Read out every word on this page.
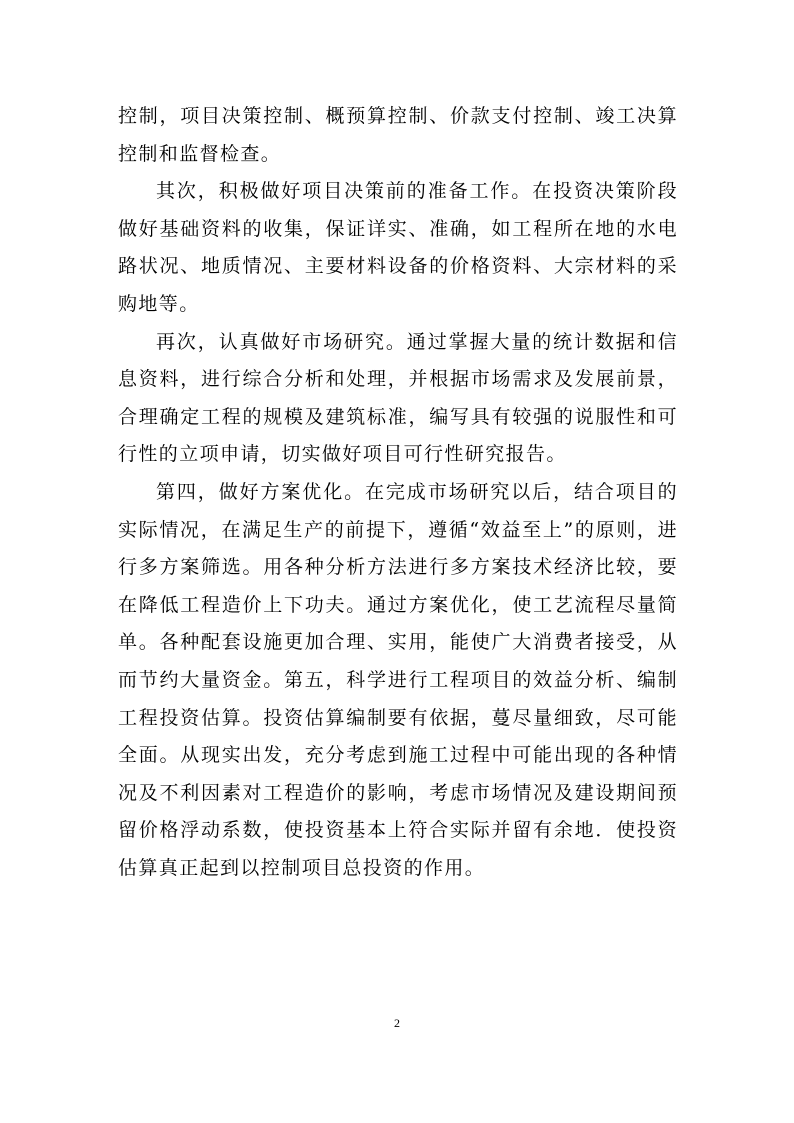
控制，项目决策控制、概预算控制、价款支付控制、竣工决算控制和监督检查。

其次，积极做好项目决策前的准备工作。在投资决策阶段做好基础资料的收集，保证详实、准确，如工程所在地的水电路状况、地质情况、主要材料设备的价格资料、大宗材料的采购地等。

再次，认真做好市场研究。通过掌握大量的统计数据和信息资料，进行综合分析和处理，并根据市场需求及发展前景，合理确定工程的规模及建筑标准，编写具有较强的说服性和可行性的立项申请，切实做好项目可行性研究报告。

第四，做好方案优化。在完成市场研究以后，结合项目的实际情况，在满足生产的前提下，遵循“效益至上”的原则，进行多方案筛选。用各种分析方法进行多方案技术经济比较，要在降低工程造价上下功夫。通过方案优化，使工艺流程尽量简单。各种配套设施更加合理、实用，能使广大消费者接受，从而节约大量资金。第五，科学进行工程项目的效益分析、编制工程投资估算。投资估算编制要有依据，蔓尽量细致，尽可能全面。从现实出发，充分考虑到施工过程中可能出现的各种情况及不利因素对工程造价的影响，考虑市场情况及建设期间预留价格浮动系数，使投资基本上符合实际并留有余地．使投资估算真正起到以控制项目总投资的作用。

2
